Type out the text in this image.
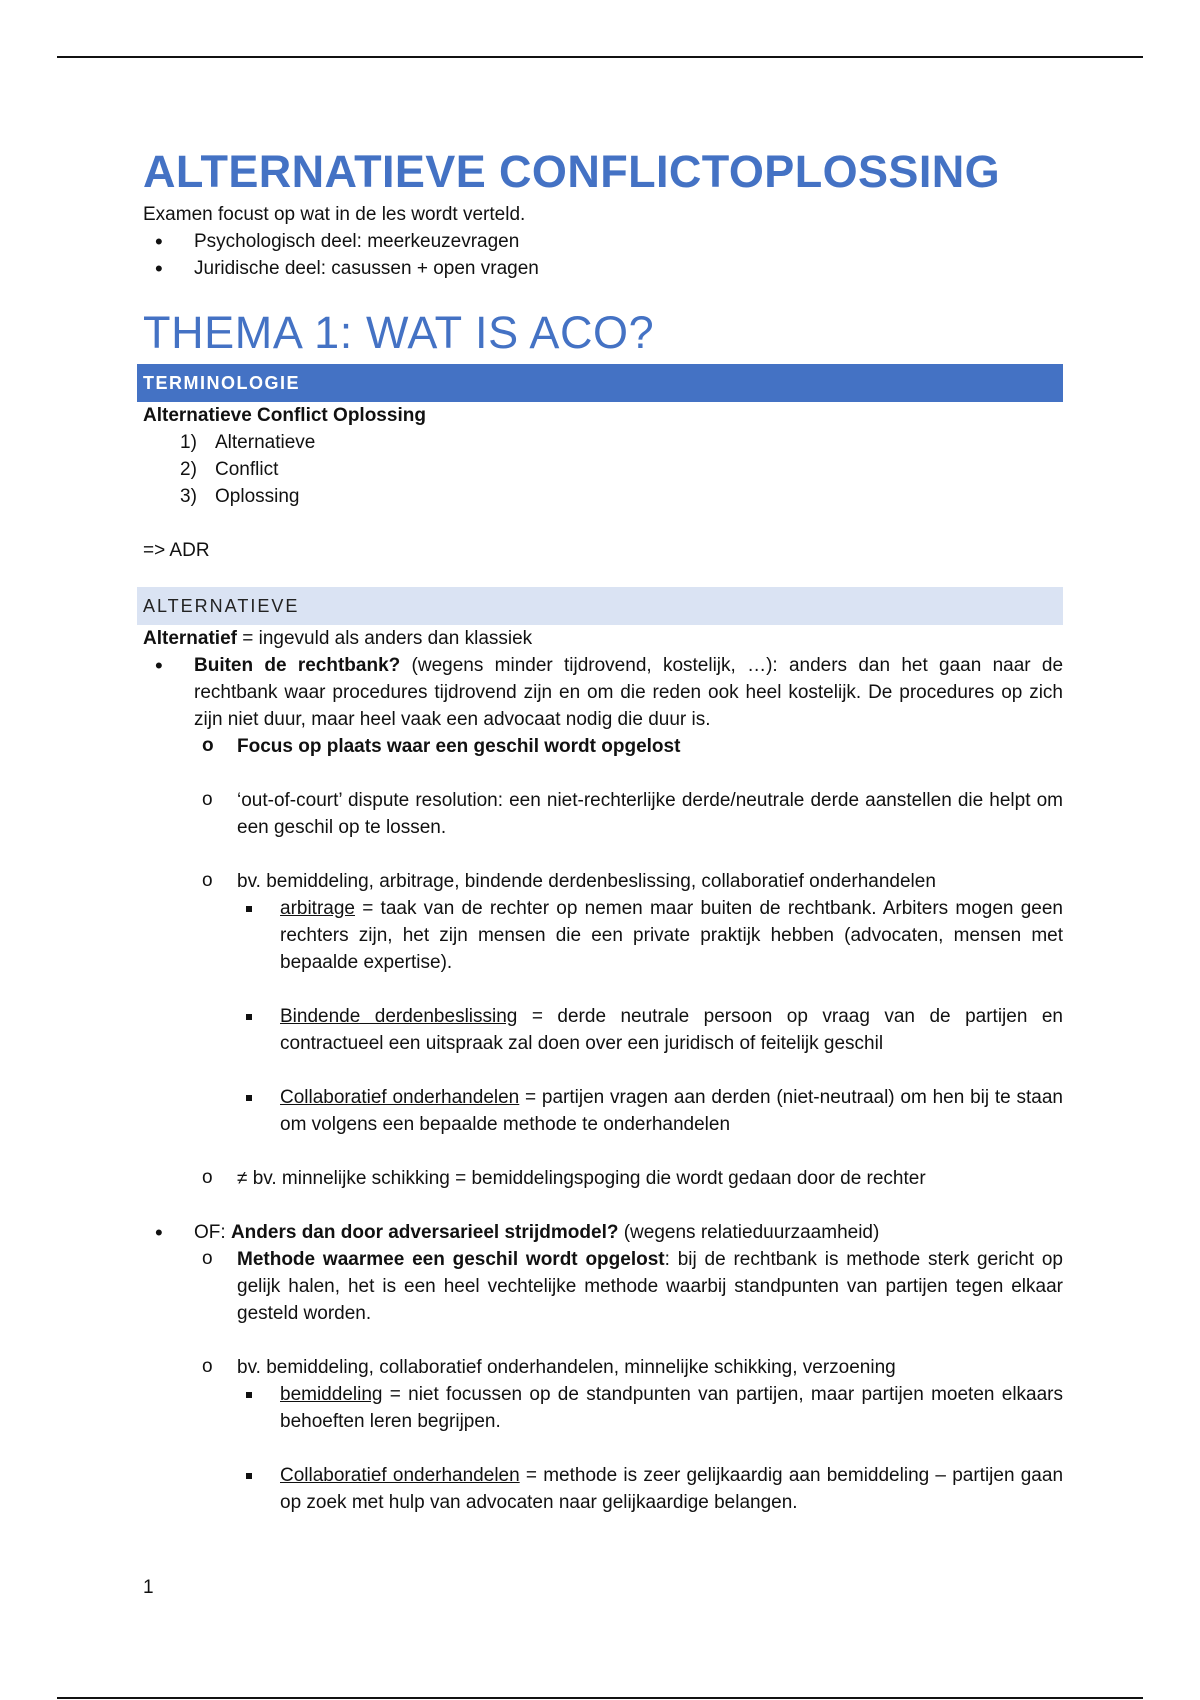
ALTERNATIEVE CONFLICTOPLOSSING

Examen focust op wat in de les wordt verteld.

• Psychologisch deel: meerkeuzevragen
• Juridische deel: casussen + open vragen
THEMA 1: WAT IS ACO?
TERMINOLOGIE

Alternatieve Conflict Oplossing

1) Alternatieve
2) Conflict
3) Oplossing

=> ADR

ALTERNATIEVE

Alternatief = ingevuld als anders dan klassiek

• Buiten de rechtbank? (wegens minder tijdrovend, kostelijk, …): anders dan het gaan naar de rechtbank waar procedures tijdrovend zijn en om die reden ook heel kostelijk. De procedures op zich zijn niet duur, maar heel vaak een advocaat nodig die duur is.
o Focus op plaats waar een geschil wordt opgelost
o ‘out-of-court’ dispute resolution: een niet-rechterlijke derde/neutrale derde aanstellen die helpt om een geschil op te lossen.
o bv. bemiddeling, arbitrage, bindende derdenbeslissing, collaboratief onderhandelen
arbitrage = taak van de rechter op nemen maar buiten de rechtbank. Arbiters mogen geen rechters zijn, het zijn mensen die een private praktijk hebben (advocaten, mensen met bepaalde expertise).
Bindende derdenbeslissing = derde neutrale persoon op vraag van de partijen en contractueel een uitspraak zal doen over een juridisch of feitelijk geschil
Collaboratief onderhandelen = partijen vragen aan derden (niet-neutraal) om hen bij te staan om volgens een bepaalde methode te onderhandelen
o ≠ bv. minnelijke schikking = bemiddelingspoging die wordt gedaan door de rechter
• OF: Anders dan door adversarieel strijdmodel? (wegens relatieduurzaamheid)
o Methode waarmee een geschil wordt opgelost: bij de rechtbank is methode sterk gericht op gelijk halen, het is een heel vechtelijke methode waarbij standpunten van partijen tegen elkaar gesteld worden.
o bv. bemiddeling, collaboratief onderhandelen, minnelijke schikking, verzoening
bemiddeling = niet focussen op de standpunten van partijen, maar partijen moeten elkaars behoeften leren begrijpen.
Collaboratief onderhandelen = methode is zeer gelijkaardig aan bemiddeling – partijen gaan op zoek met hulp van advocaten naar gelijkaardige belangen.
1
